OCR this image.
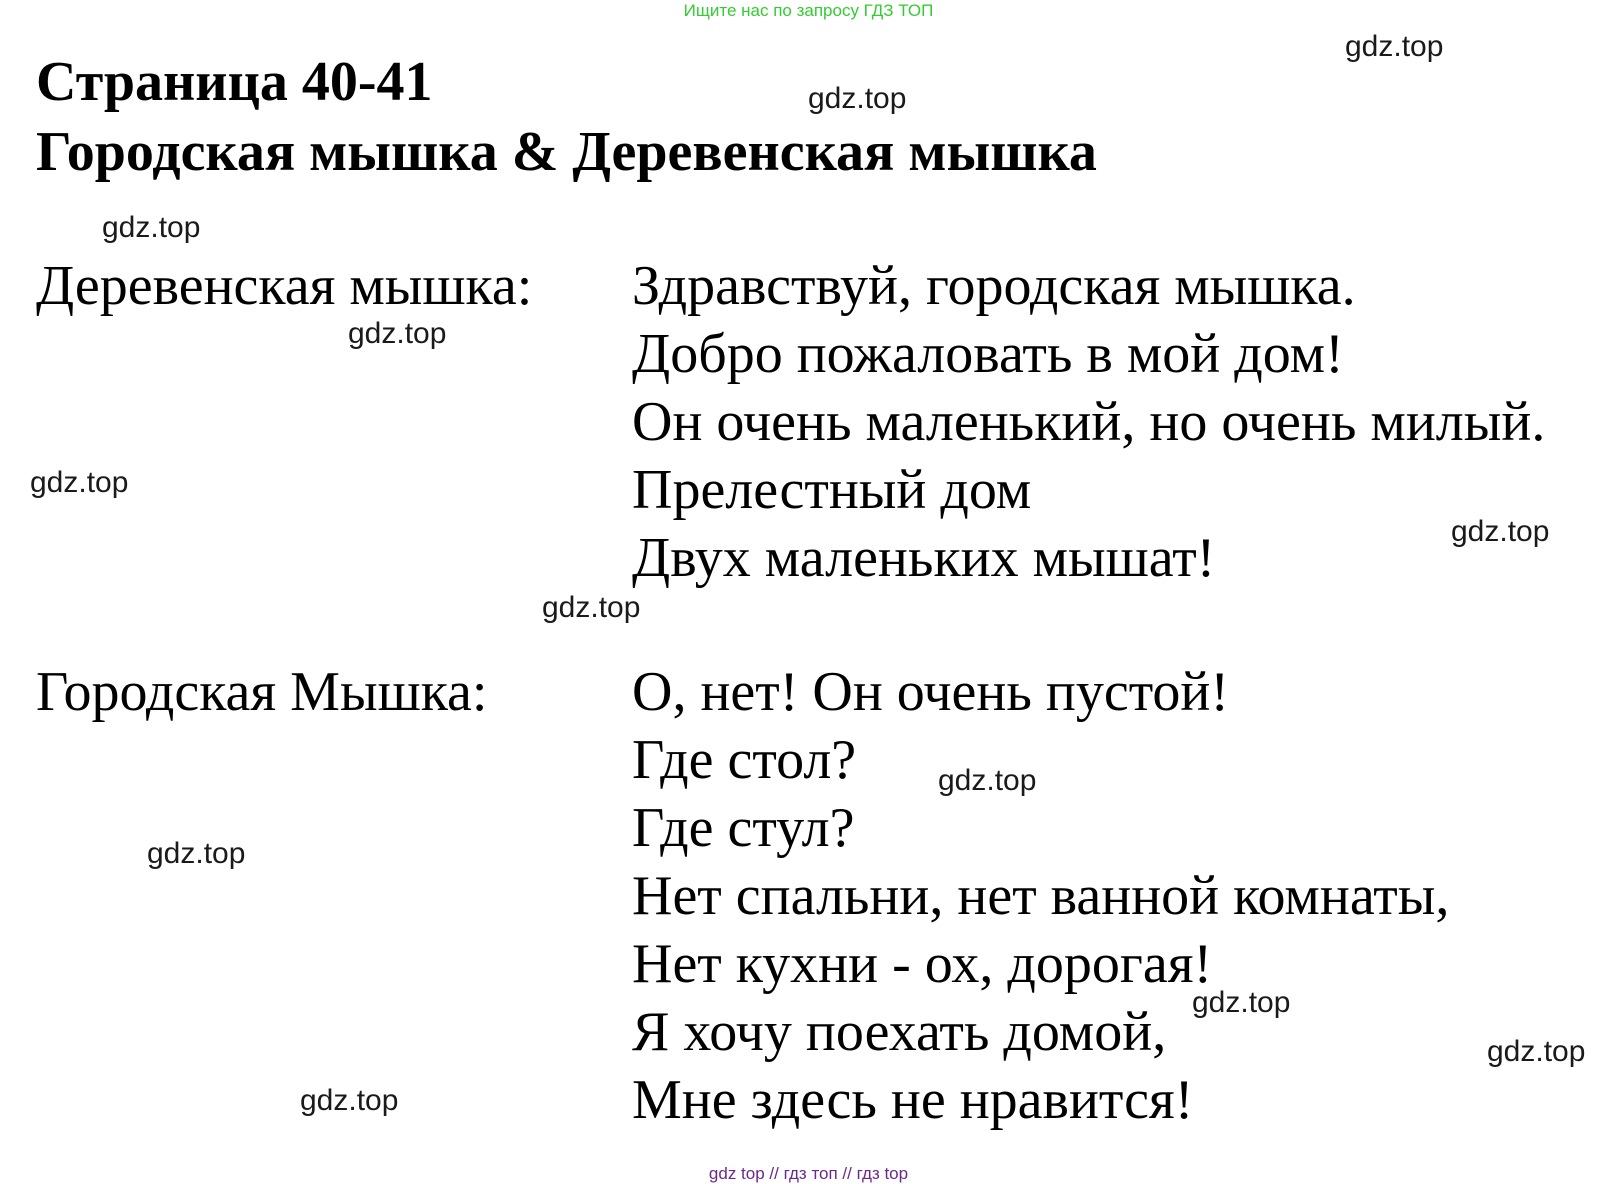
Ищите нас по запросу ГДЗ ТОП
Страница 40-41
Городская мышка & Деревенская мышка
Деревенская мышка: Здравствуй, городская мышка.
Добро пожаловать в мой дом!
Он очень маленький, но очень милый.
Прелестный дом
Двух маленьких мышат!
Городская Мышка:	О, нет! Он очень пустой!
Где стол?
Где стул?
Нет спальни, нет ванной комнаты,
Нет кухни - ох, дорогая!
Я хочу поехать домой,
Мне здесь не нравится!
gdz.top
gdz.top
gdz.top
gdz.top
gdz.top
gdz.top
gdz.top
gdz.top
gdz.top
gdz.top
gdz.top
gdz.top
gdz top // гдз топ // гдз top
